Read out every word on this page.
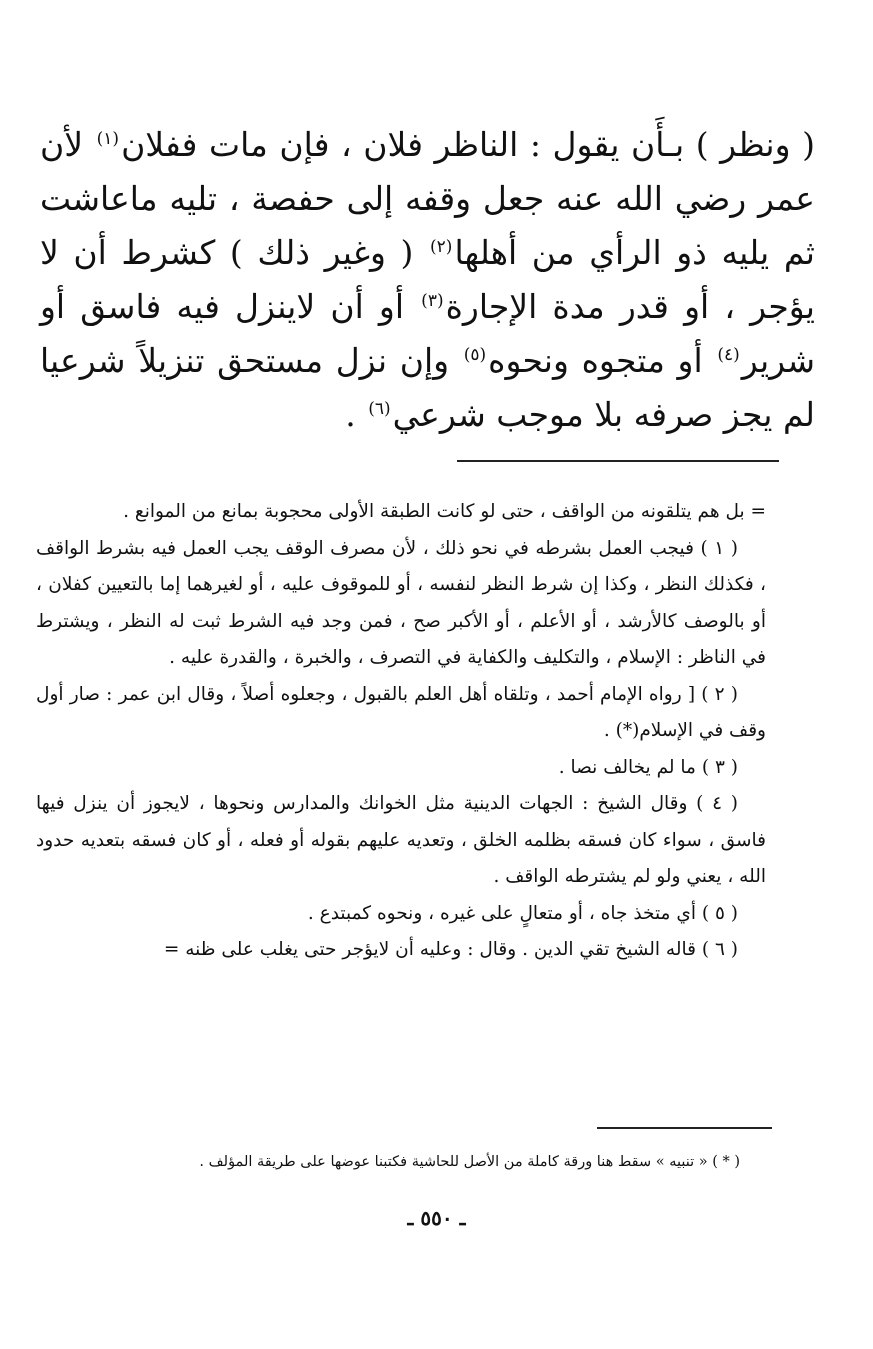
( ونظر ) بـأَن يقول : الناظر فلان ، فإن مات ففلان$^{(١)}$ لأن عمر رضي الله عنه جعل وقفه إلى حفصة ، تليه ماعاشت ثم يليه ذو الرأي من أهلها$^{(٢)}$ ( وغير ذلك ) كشرط أن لا يؤجر ، أو قدر مدة الإجارة$^{(٣)}$ أو أن لاينزل فيه فاسق أو شرير$^{(٤)}$ أو متجوه ونحوه$^{(٥)}$ وإن نزل مستحق تنزيلاً شرعيا لم يجز صرفه بلا موجب شرعي$^{(٦)}$ .

= بل هم يتلقونه من الواقف ، حتى لو كانت الطبقة الأولى محجوبة بمانع من الموانع .

( ١ ) فيجب العمل بشرطه في نحو ذلك ، لأن مصرف الوقف يجب العمل فيه بشرط الواقف ، فكذلك النظر ، وكذا إن شرط النظر لنفسه ، أو للموقوف عليه ، أو لغيرهما إما بالتعيين كفلان ، أو بالوصف كالأرشد ، أو الأعلم ، أو الأكبر صح ، فمن وجد فيه الشرط ثبت له النظر ، ويشترط في الناظر : الإسلام ، والتكليف والكفاية في التصرف ، والخبرة ، والقدرة عليه .

( ٢ ) [ رواه الإمام أحمد ، وتلقاه أهل العلم بالقبول ، وجعلوه أصلاً ، وقال ابن عمر : صار أول وقف في الإسلام(*) .

( ٣ ) ما لم يخالف نصا .

( ٤ ) وقال الشيخ : الجهات الدينية مثل الخوانك والمدارس ونحوها ، لايجوز أن ينزل فيها فاسق ، سواء كان فسقه بظلمه الخلق ، وتعديه عليهم بقوله أو فعله ، أو كان فسقه بتعديه حدود الله ، يعني ولو لم يشترطه الواقف .

( ٥ ) أي متخذ جاه ، أو متعالٍ على غيره ، ونحوه كمبتدع .

( ٦ ) قاله الشيخ تقي الدين . وقال : وعليه أن لايؤجر حتى يغلب على ظنه =

( * ) « تنبيه » سقط هنا ورقة كاملة من الأصل للحاشية فكتبنا عوضها على طريقة المؤلف .
ـ ٥٥٠ ـ
